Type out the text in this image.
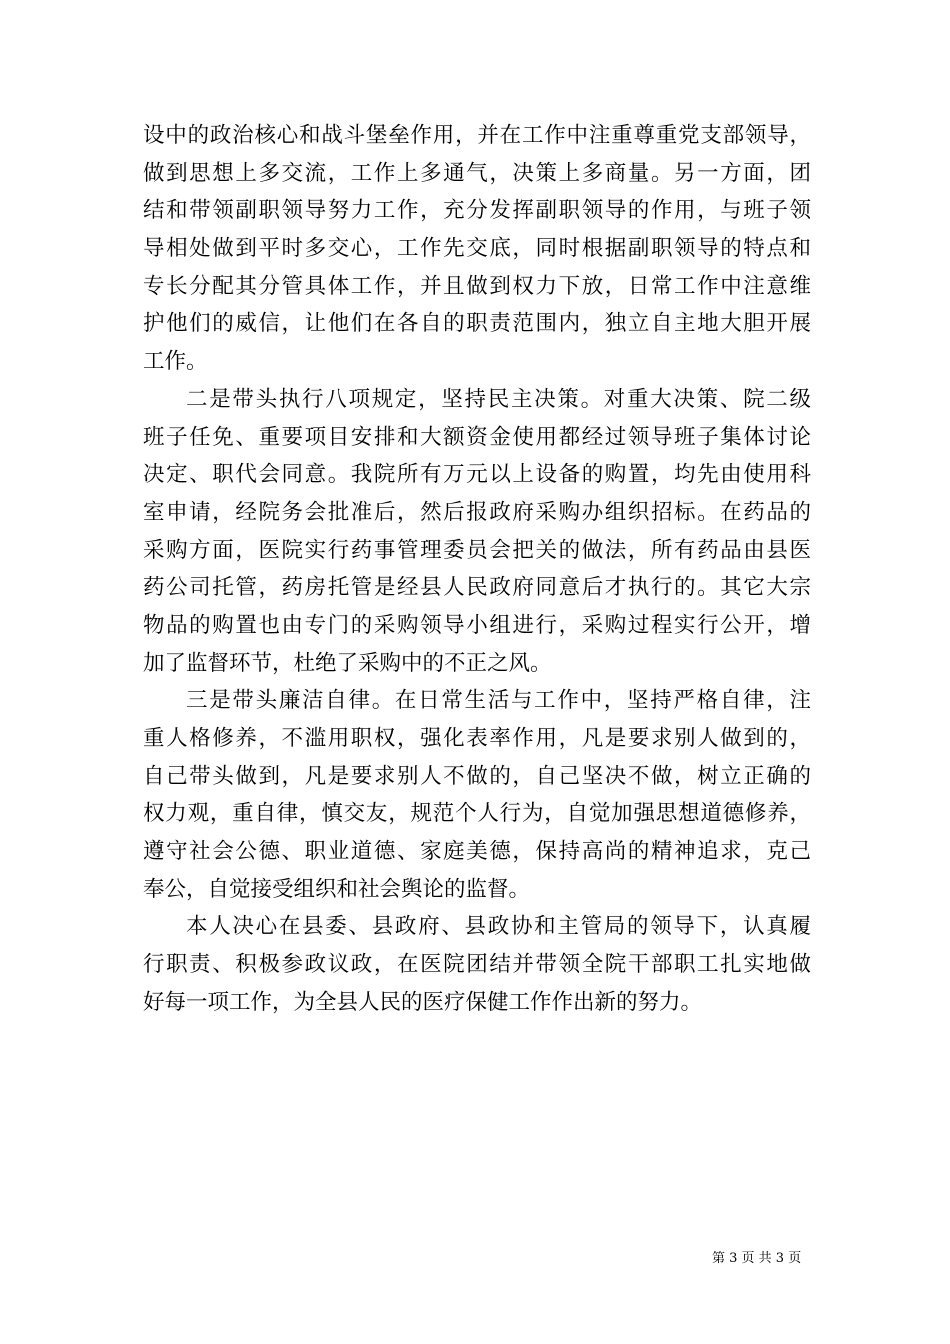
设中的政治核心和战斗堡垒作用，并在工作中注重尊重党支部领导，
做到思想上多交流，工作上多通气，决策上多商量。另一方面，团
结和带领副职领导努力工作，充分发挥副职领导的作用，与班子领
导相处做到平时多交心，工作先交底，同时根据副职领导的特点和
专长分配其分管具体工作，并且做到权力下放，日常工作中注意维
护他们的威信，让他们在各自的职责范围内，独立自主地大胆开展
工作。
二是带头执行八项规定，坚持民主决策。对重大决策、院二级
班子任免、重要项目安排和大额资金使用都经过领导班子集体讨论
决定、职代会同意。我院所有万元以上设备的购置，均先由使用科
室申请，经院务会批准后，然后报政府采购办组织招标。在药品的
采购方面，医院实行药事管理委员会把关的做法，所有药品由县医
药公司托管，药房托管是经县人民政府同意后才执行的。其它大宗
物品的购置也由专门的采购领导小组进行，采购过程实行公开，增
加了监督环节，杜绝了采购中的不正之风。
三是带头廉洁自律。在日常生活与工作中，坚持严格自律，注
重人格修养，不滥用职权，强化表率作用，凡是要求别人做到的，
自己带头做到，凡是要求别人不做的，自己坚决不做，树立正确的
权力观，重自律，慎交友，规范个人行为，自觉加强思想道德修养，
遵守社会公德、职业道德、家庭美德，保持高尚的精神追求，克己
奉公，自觉接受组织和社会舆论的监督。
本人决心在县委、县政府、县政协和主管局的领导下，认真履
行职责、积极参政议政，在医院团结并带领全院干部职工扎实地做
好每一项工作，为全县人民的医疗保健工作作出新的努力。
第 3 页 共 3 页
